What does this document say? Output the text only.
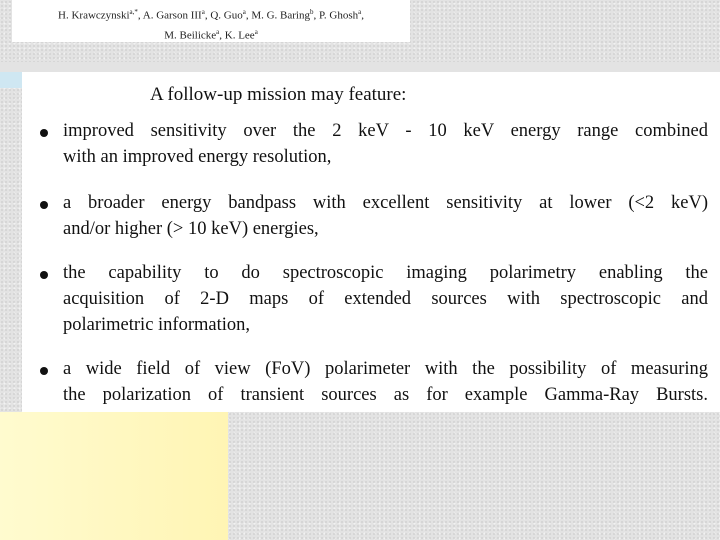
H. Krawczynski$^{a,*}$, A. Garson III$^a$, Q. Guo$^a$, M. G. Baring$^b$, P. Ghosh$^a$,
M. Beilicke$^a$, K. Lee$^a$
A follow-up mission may feature:
improved sensitivity over the 2 keV - 10 keV energy range combined
with an improved energy resolution,
a broader energy bandpass with excellent sensitivity at lower (<2 keV)
and/or higher (> 10 keV) energies,
the capability to do spectroscopic imaging polarimetry enabling the
acquisition of 2-D maps of extended sources with spectroscopic and
polarimetric information,
a wide field of view (FoV) polarimeter with the possibility of measuring
the polarization of transient sources as for example Gamma-Ray Bursts.
